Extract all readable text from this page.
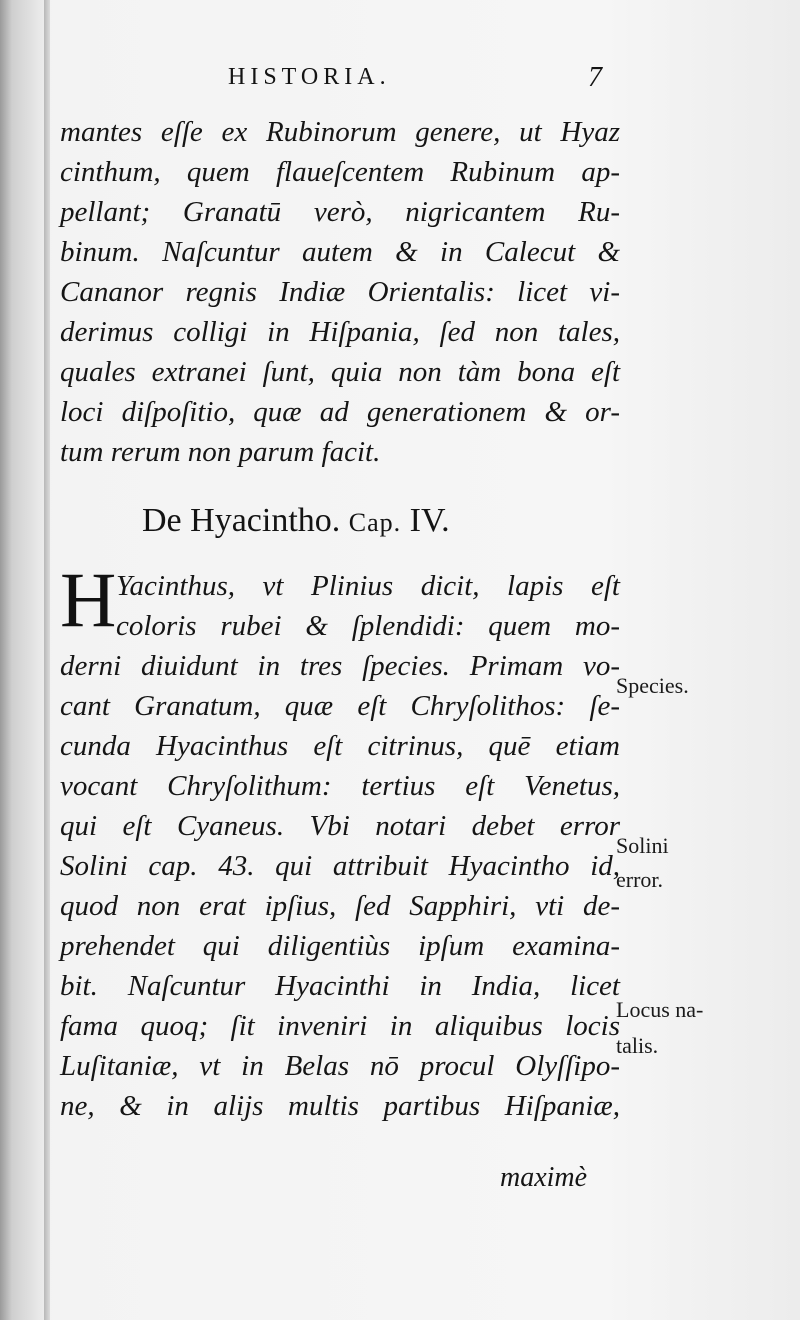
HISTORIA.	7
mantes eſſe ex Rubinorum genere, ut Hyaz
cinthum, quem flaueſcentem Rubinum ap-
pellant; Granatū verò, nigricantem Ru-
binum. Naſcuntur autem & in Calecut &
Cananor regnis Indiæ Orientalis: licet vi-
derimus colligi in Hiſpania, ſed non tales,
quales extranei ſunt, quia non tàm bona eſt
loci diſpoſitio, quæ ad generationem & or-
tum rerum non parum facit.
De Hyacintho. Cap. IV.
H Yacinthus, vt Plinius dicit, lapis eſt
coloris rubei & ſplendidi: quem mo-
derni diuidunt in tres ſpecies. Primam vo-
cant Granatum, quæ eſt Chryſolithos: ſe-
cunda Hyacinthus eſt citrinus, quē etiam
vocant Chryſolithum: tertius eſt Venetus,
qui eſt Cyaneus. Vbi notari debet error
Solini cap. 43. qui attribuit Hyacintho id,
quod non erat ipſius, ſed Sapphiri, vti de-
prehendet qui diligentiùs ipſum examina-
bit. Naſcuntur Hyacinthi in India, licet
fama quoq; ſit inveniri in aliquibus locis
Luſitaniæ, vt in Belas nō procul Olyſſipo-
ne, & in alijs multis partibus Hiſpaniæ,
Species.
Solini
error.
Locus na-
talis.
maximè
